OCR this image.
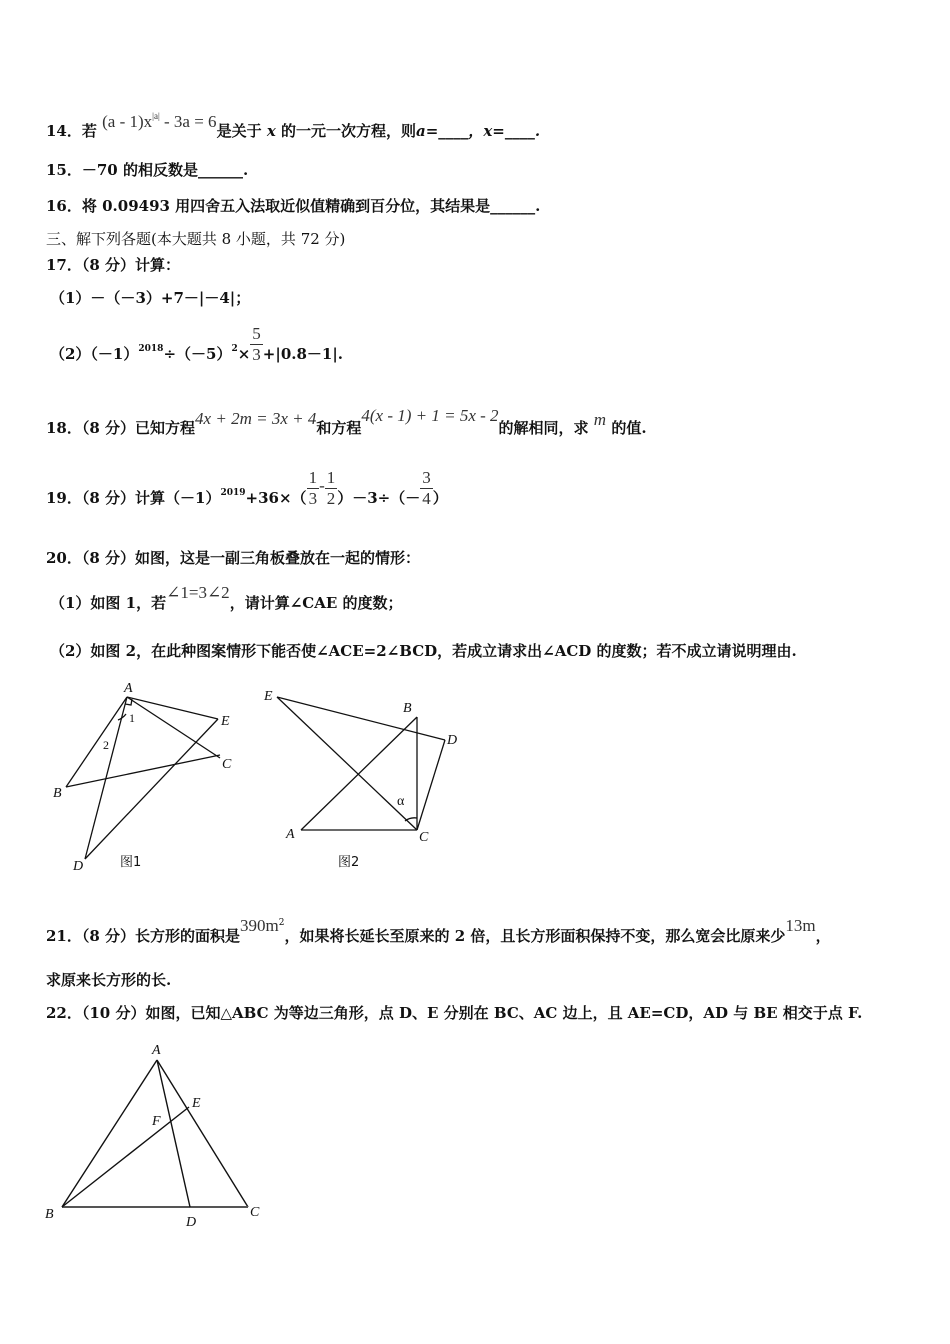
14．若 $(a - 1)x^{|a|} - 3a = 6$是关于 x 的一元一次方程，则a=____，x=____.
15．－70 的相反数是______.
16．将 0.09493 用四舍五入法取近似值精确到百分位，其结果是______.
三、解下列各题(本大题共 8 小题，共 72 分)
17．（8 分）计算：
（1）－（－3）+7－|－4|；
$(2)(-1)^{2018}\div(-5)^2\times \frac{5}{3} +|0.8-1|$.
18．（8 分）已知方程4x + 2m = 3x + 4和方程4(x - 1) + 1 = 5x - 2的解相同，求 m 的值.
19．（8 分）计算$(-1)^{2019}+36\times( \frac{1}{3} - \frac{1}{2} )-3\div(- \frac{3}{4}$ ）
20．（8 分）如图，这是一副三角板叠放在一起的情形：
（1）如图 1，若∠1=3∠2，请计算∠CAE 的度数；
（2）如图 2，在此种图案情形下能否使∠ACE=2∠BCD，若成立请求出∠ACD 的度数；若不成立请说明理由.
A
E
C
B
D
1
2
图1
E
B
D
A	C
α
图2
21．（8 分）长方形的面积是$390m^2$，如果将长延长至原来的 2 倍，且长方形面积保持不变，那么宽会比原来少13m，
求原来长方形的长.
22．（10 分）如图，已知△ABC 为等边三角形，点 D、E 分别在 BC、AC 边上，且 AE=CD，AD 与 BE 相交于点 F.
A
E
F
B
D
C
